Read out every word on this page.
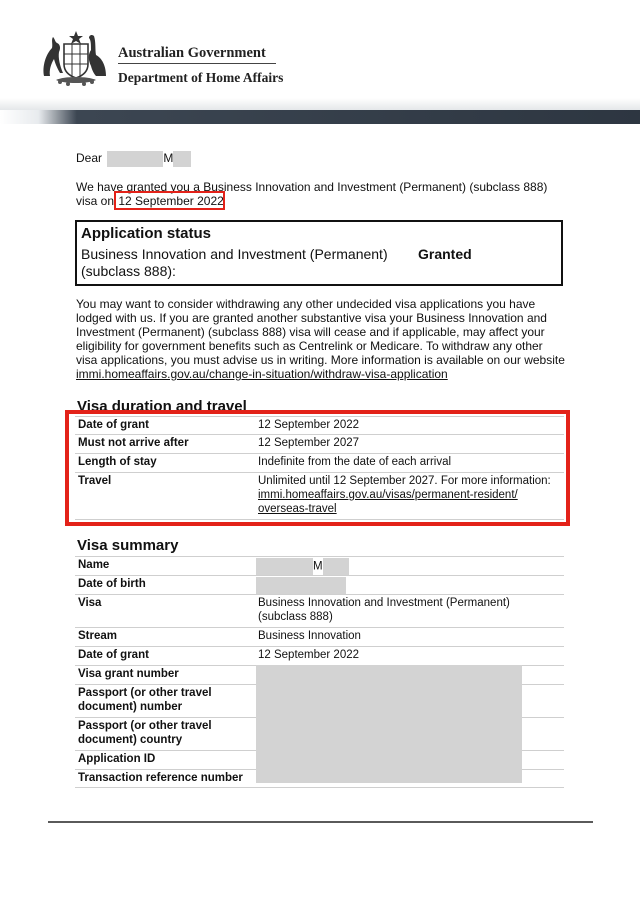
Australian Government
Department of Home Affairs
Dear	M
We have granted you a Business Innovation and Investment (Permanent) (subclass 888)
visa on 12 September 2022
Application status
Business Innovation and Investment (Permanent)
(subclass 888):
Granted
You may want to consider withdrawing any other undecided visa applications you have
lodged with us. If you are granted another substantive visa your Business Innovation and
Investment (Permanent) (subclass 888) visa will cease and if applicable, may affect your
eligibility for government benefits such as Centrelink or Medicare. To withdraw any other
visa applications, you must advise us in writing. More information is available on our website
immi.homeaffairs.gov.au/change-in-situation/withdraw-visa-application
Visa duration and travel
Date of grant	12 September 2022
Must not arrive after	12 September 2027
Length of stay	Indefinite from the date of each arrival
Travel	Unlimited until 12 September 2027. For more information:
immi.homeaffairs.gov.au/visas/permanent-resident/
overseas-travel
Visa summary
Name	M
Date of birth
Visa	Business Innovation and Investment (Permanent)
(subclass 888)
Stream	Business Innovation
Date of grant	12 September 2022
Visa grant number
Passport (or other travel
document) number
Passport (or other travel
document) country
Application ID
Transaction reference number
